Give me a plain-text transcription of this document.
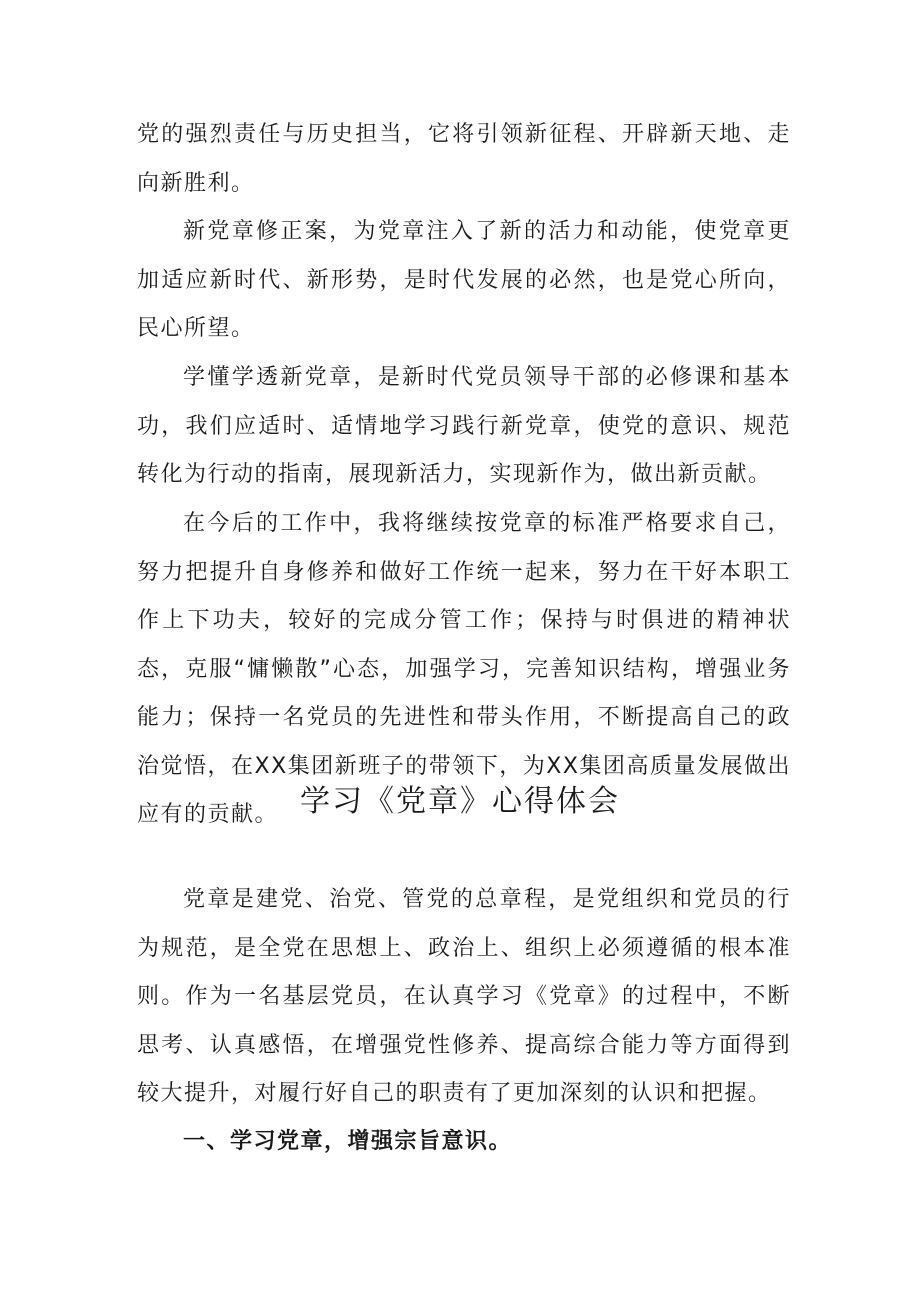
党的强烈责任与历史担当，它将引领新征程、开辟新天地、走向新胜利。

新党章修正案，为党章注入了新的活力和动能，使党章更加适应新时代、新形势，是时代发展的必然，也是党心所向，民心所望。

学懂学透新党章，是新时代党员领导干部的必修课和基本功，我们应适时、适情地学习践行新党章，使党的意识、规范转化为行动的指南，展现新活力，实现新作为，做出新贡献。

在今后的工作中，我将继续按党章的标准严格要求自己，努力把提升自身修养和做好工作统一起来，努力在干好本职工作上下功夫，较好的完成分管工作；保持与时俱进的精神状态，克服“慵懒散”心态，加强学习，完善知识结构，增强业务能力；保持一名党员的先进性和带头作用，不断提高自己的政治觉悟，在XX集团新班子的带领下，为XX集团高质量发展做出应有的贡献。 学习《党章》心得体会

党章是建党、治党、管党的总章程，是党组织和党员的行为规范，是全党在思想上、政治上、组织上必须遵循的根本准则。作为一名基层党员，在认真学习《党章》的过程中，不断思考、认真感悟，在增强党性修养、提高综合能力等方面得到较大提升，对履行好自己的职责有了更加深刻的认识和把握。

一、学习党章，增强宗旨意识。
